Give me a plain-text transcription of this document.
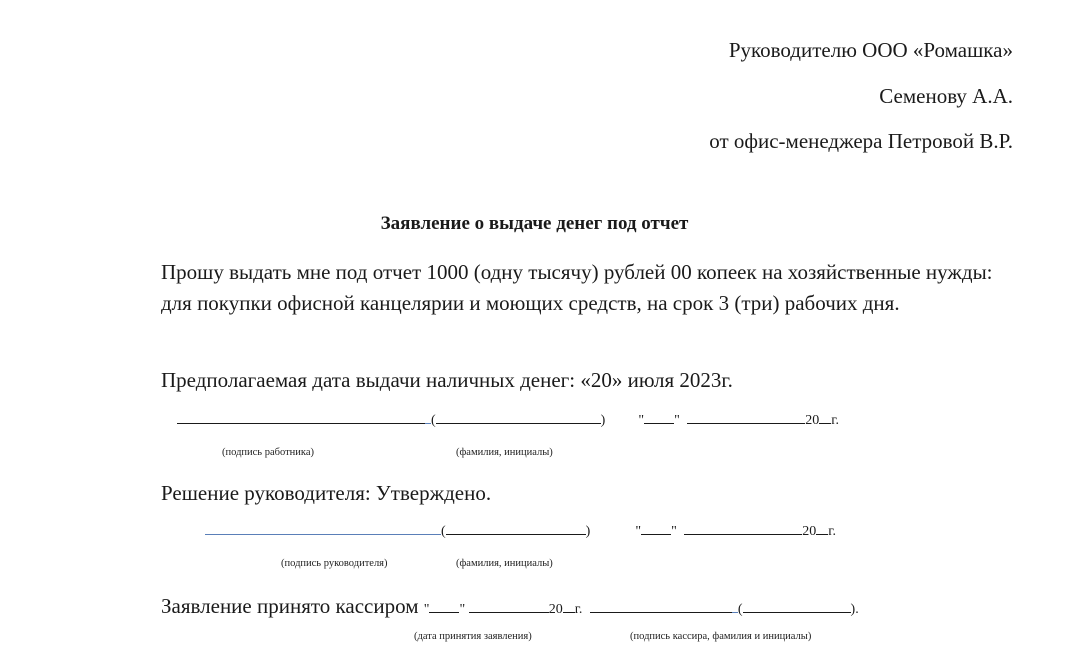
Руководителю ООО «Ромашка»
Семенову А.А.
от офис-менеджера Петровой В.Р.
Заявление о выдаче денег под отчет
Прошу выдать мне под отчет 1000 (одну тысячу) рублей 00 копеек на хозяйственные нужды: для покупки офисной канцелярии и моющих средств, на срок 3 (три) рабочих дня.
Предполагаемая дата выдачи наличных денег: «20» июля 2023г.
(	) " "	20 г.
(подпись работника)	(фамилия, инициалы)
Решение руководителя: Утверждено.
(	)	" "	20 г.
(подпись руководителя)	(фамилия, инициалы)
Заявление принято кассиром " "	20 г.	(	).
(дата принятия заявления)	(подпись кассира, фамилия и инициалы)
